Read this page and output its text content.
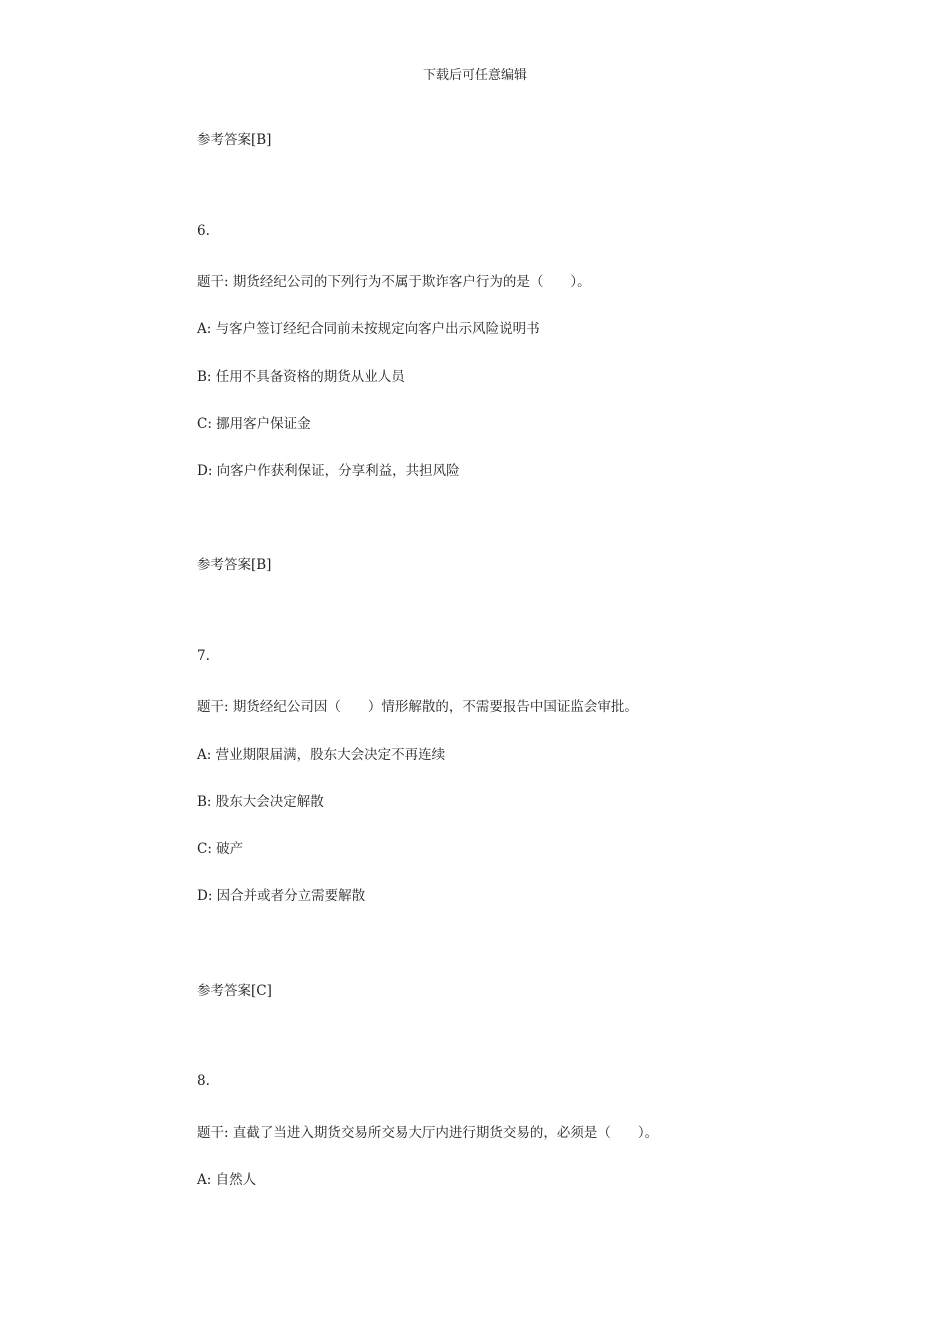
下载后可任意编辑
参考答案[B]
6.
题干: 期货经纪公司的下列行为不属于欺诈客户行为的是（　　）。
A: 与客户签订经纪合同前未按规定向客户出示风险说明书
B: 任用不具备资格的期货从业人员
C: 挪用客户保证金
D: 向客户作获利保证，分享利益，共担风险
参考答案[B]
7.
题干: 期货经纪公司因（　　）情形解散的，不需要报告中国证监会审批。
A: 营业期限届满，股东大会决定不再连续
B: 股东大会决定解散
C: 破产
D: 因合并或者分立需要解散
参考答案[C]
8.
题干: 直截了当进入期货交易所交易大厅内进行期货交易的，必须是（　　）。
A: 自然人
